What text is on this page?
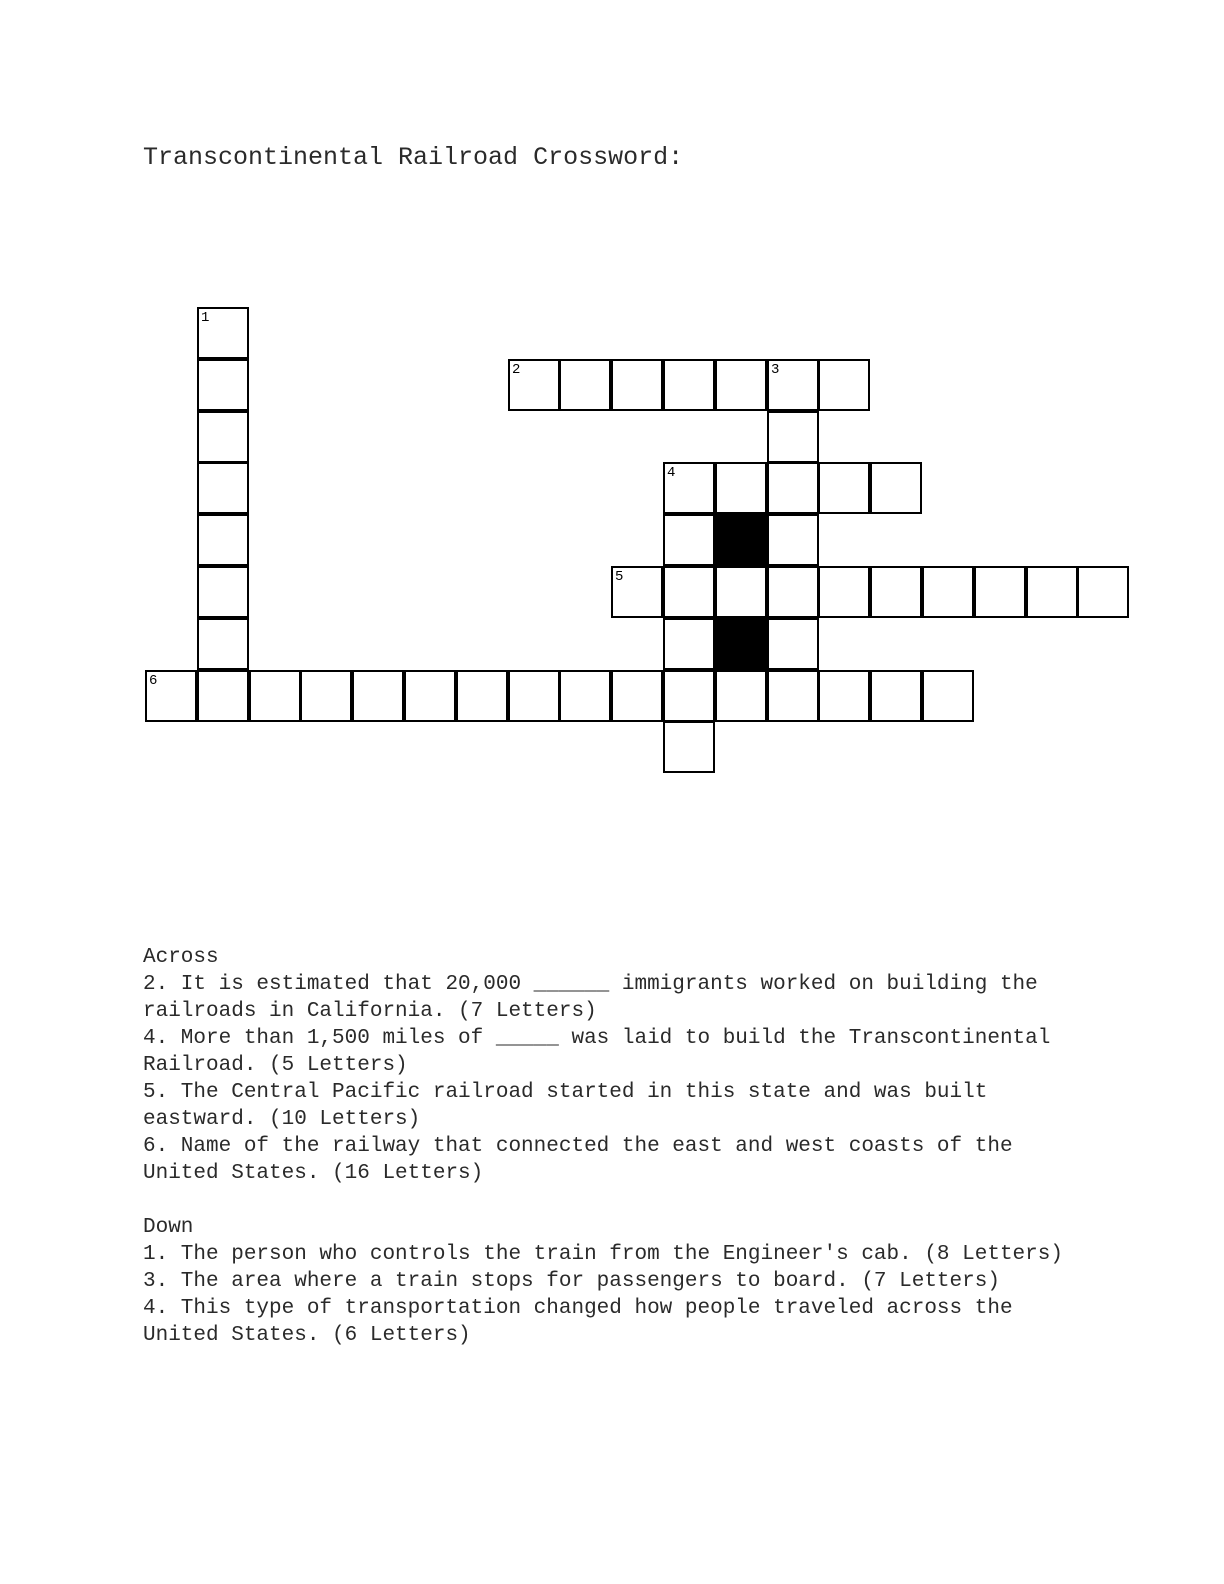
Transcontinental Railroad Crossword:
1
2	3
4
5
6
Across
2. It is estimated that 20,000 ______ immigrants worked on building the railroads in California. (7 Letters)
4. More than 1,500 miles of _____ was laid to build the Transcontinental Railroad. (5 Letters)
5. The Central Pacific railroad started in this state and was built eastward. (10 Letters)
6. Name of the railway that connected the east and west coasts of the United States. (16 Letters)
Down
1. The person who controls the train from the Engineer's cab. (8 Letters)
3. The area where a train stops for passengers to board. (7 Letters)
4. This type of transportation changed how people traveled across the United States. (6 Letters)
